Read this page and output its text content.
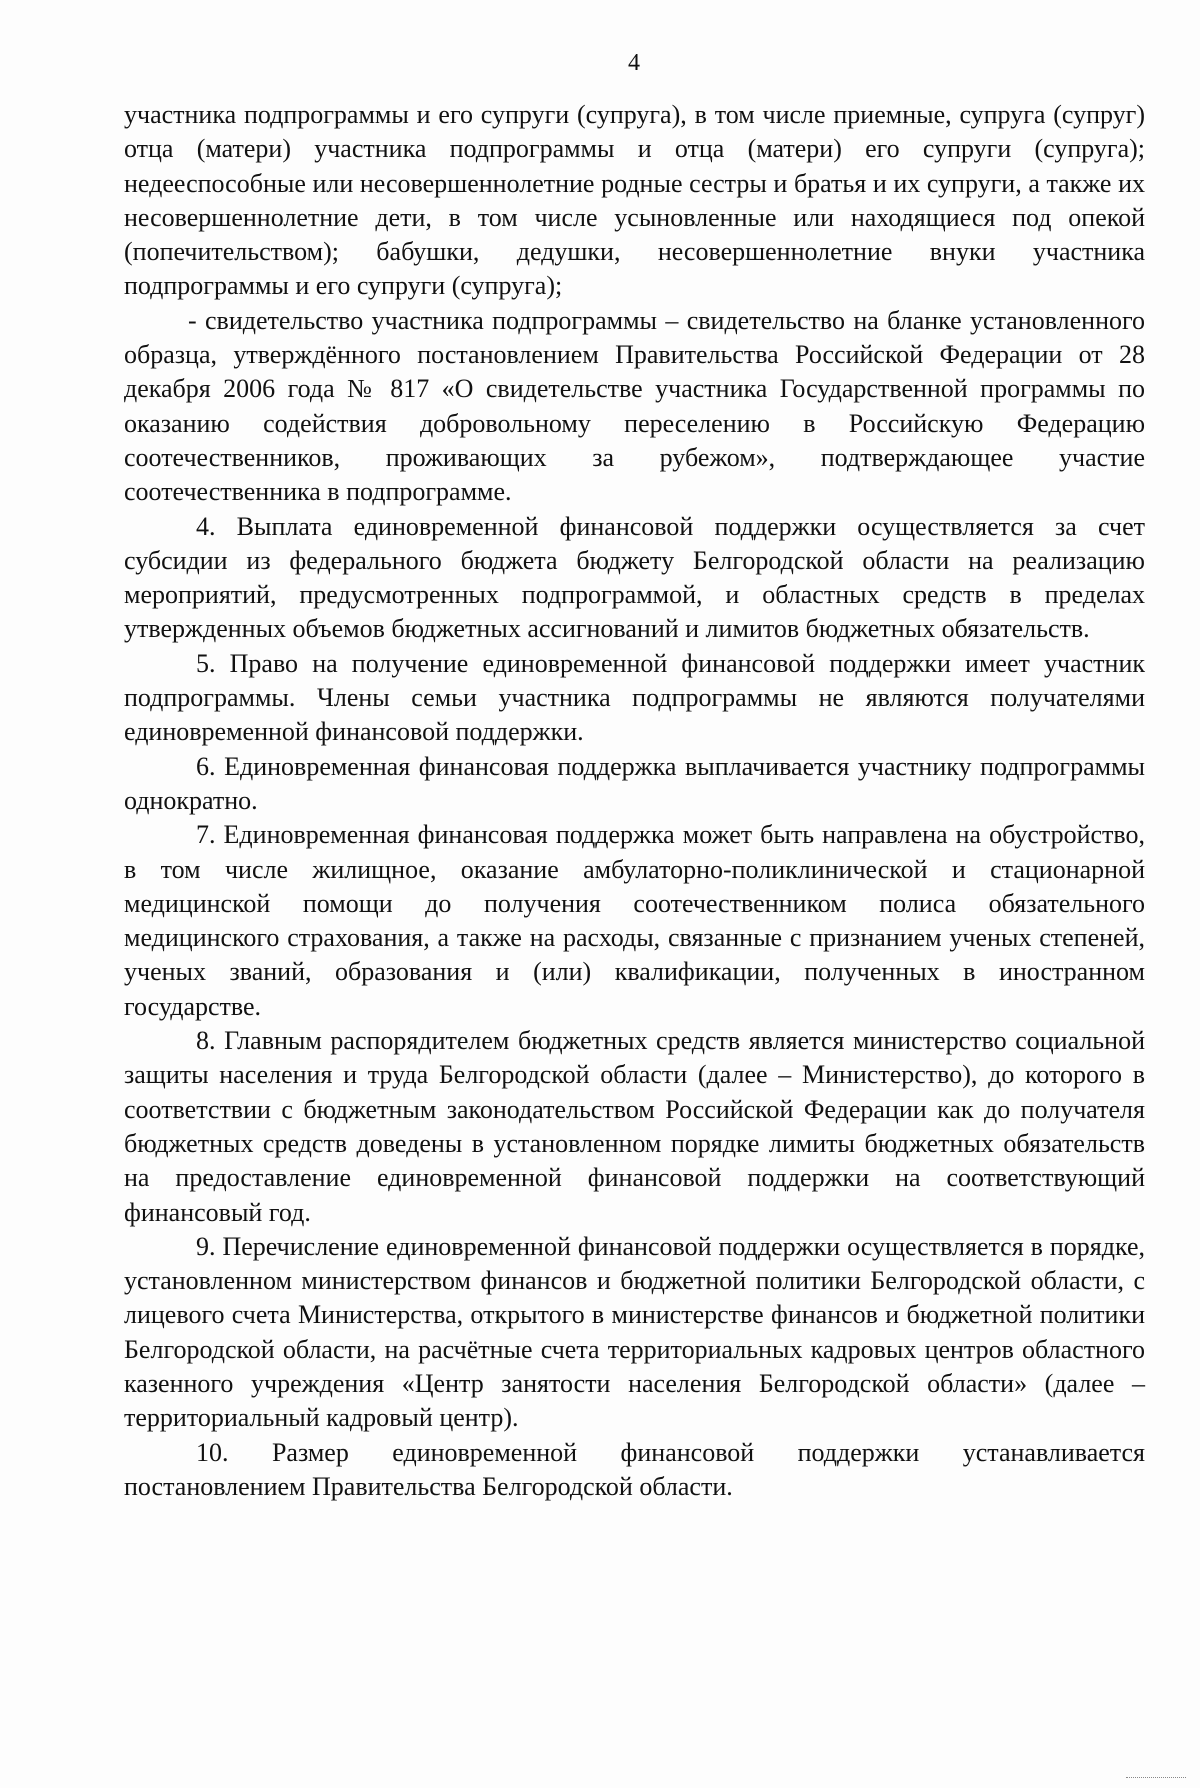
4

участника подпрограммы и его супруги (супруга), в том числе приемные, супруга (супруг) отца (матери) участника подпрограммы и отца (матери) его супруги (супруга); недееспособные или несовершеннолетние родные сестры и братья и их супруги, а также их несовершеннолетние дети, в том числе усыновленные или находящиеся под опекой (попечительством); бабушки, дедушки, несовершеннолетние внуки участника подпрограммы и его супруги (супруга);

- свидетельство участника подпрограммы – свидетельство на бланке установленного образца, утверждённого постановлением Правительства Российской Федерации от 28 декабря 2006 года № 817 «О свидетельстве участника Государственной программы по оказанию содействия добровольному переселению в Российскую Федерацию соотечественников, проживающих за рубежом», подтверждающее участие соотечественника в подпрограмме.

4. Выплата единовременной финансовой поддержки осуществляется за счет субсидии из федерального бюджета бюджету Белгородской области на реализацию мероприятий, предусмотренных подпрограммой, и областных средств в пределах утвержденных объемов бюджетных ассигнований и лимитов бюджетных обязательств.

5. Право на получение единовременной финансовой поддержки имеет участник подпрограммы. Члены семьи участника подпрограммы не являются получателями единовременной финансовой поддержки.

6. Единовременная финансовая поддержка выплачивается участнику подпрограммы однократно.

7. Единовременная финансовая поддержка может быть направлена на обустройство, в том числе жилищное, оказание амбулаторно-поликлинической и стационарной медицинской помощи до получения соотечественником полиса обязательного медицинского страхования, а также на расходы, связанные с признанием ученых степеней, ученых званий, образования и (или) квалификации, полученных в иностранном государстве.

8. Главным распорядителем бюджетных средств является министерство социальной защиты населения и труда Белгородской области (далее – Министерство), до которого в соответствии с бюджетным законодательством Российской Федерации как до получателя бюджетных средств доведены в установленном порядке лимиты бюджетных обязательств на предоставление единовременной финансовой поддержки на соответствующий финансовый год.

9. Перечисление единовременной финансовой поддержки осуществляется в порядке, установленном министерством финансов и бюджетной политики Белгородской области, с лицевого счета Министерства, открытого в министерстве финансов и бюджетной политики Белгородской области, на расчётные счета территориальных кадровых центров областного казенного учреждения «Центр занятости населения Белгородской области» (далее – территориальный кадровый центр).

10. Размер единовременной финансовой поддержки устанавливается постановлением Правительства Белгородской области.
